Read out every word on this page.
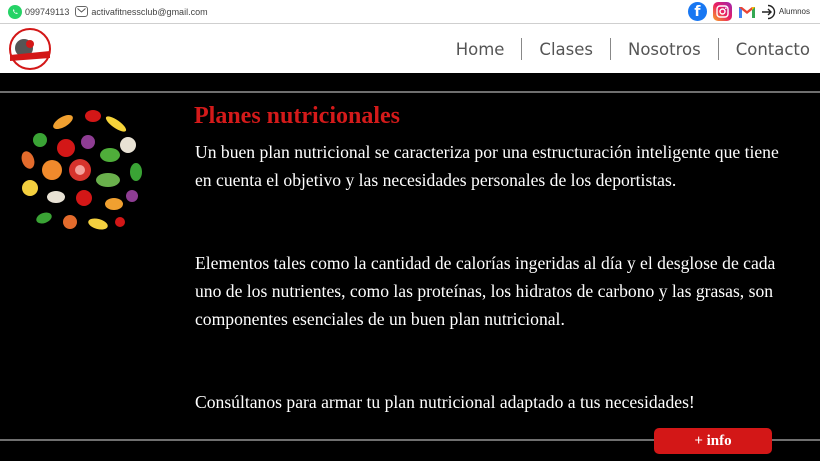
099749113 activafitnessclub@gmail.com	f	Alumnos
Home	Clases	Nosotros	Contacto
Planes nutricionales

Un buen plan nutricional se caracteriza por una estructuración inteligente que tiene en cuenta el objetivo y las necesidades personales de los deportistas.

Elementos tales como la cantidad de calorías ingeridas al día y el desglose de cada uno de los nutrientes, como las proteínas, los hidratos de carbono y las grasas, son componentes esenciales de un buen plan nutricional.

Consúltanos para armar tu plan nutricional adaptado a tus necesidades!

+ info
